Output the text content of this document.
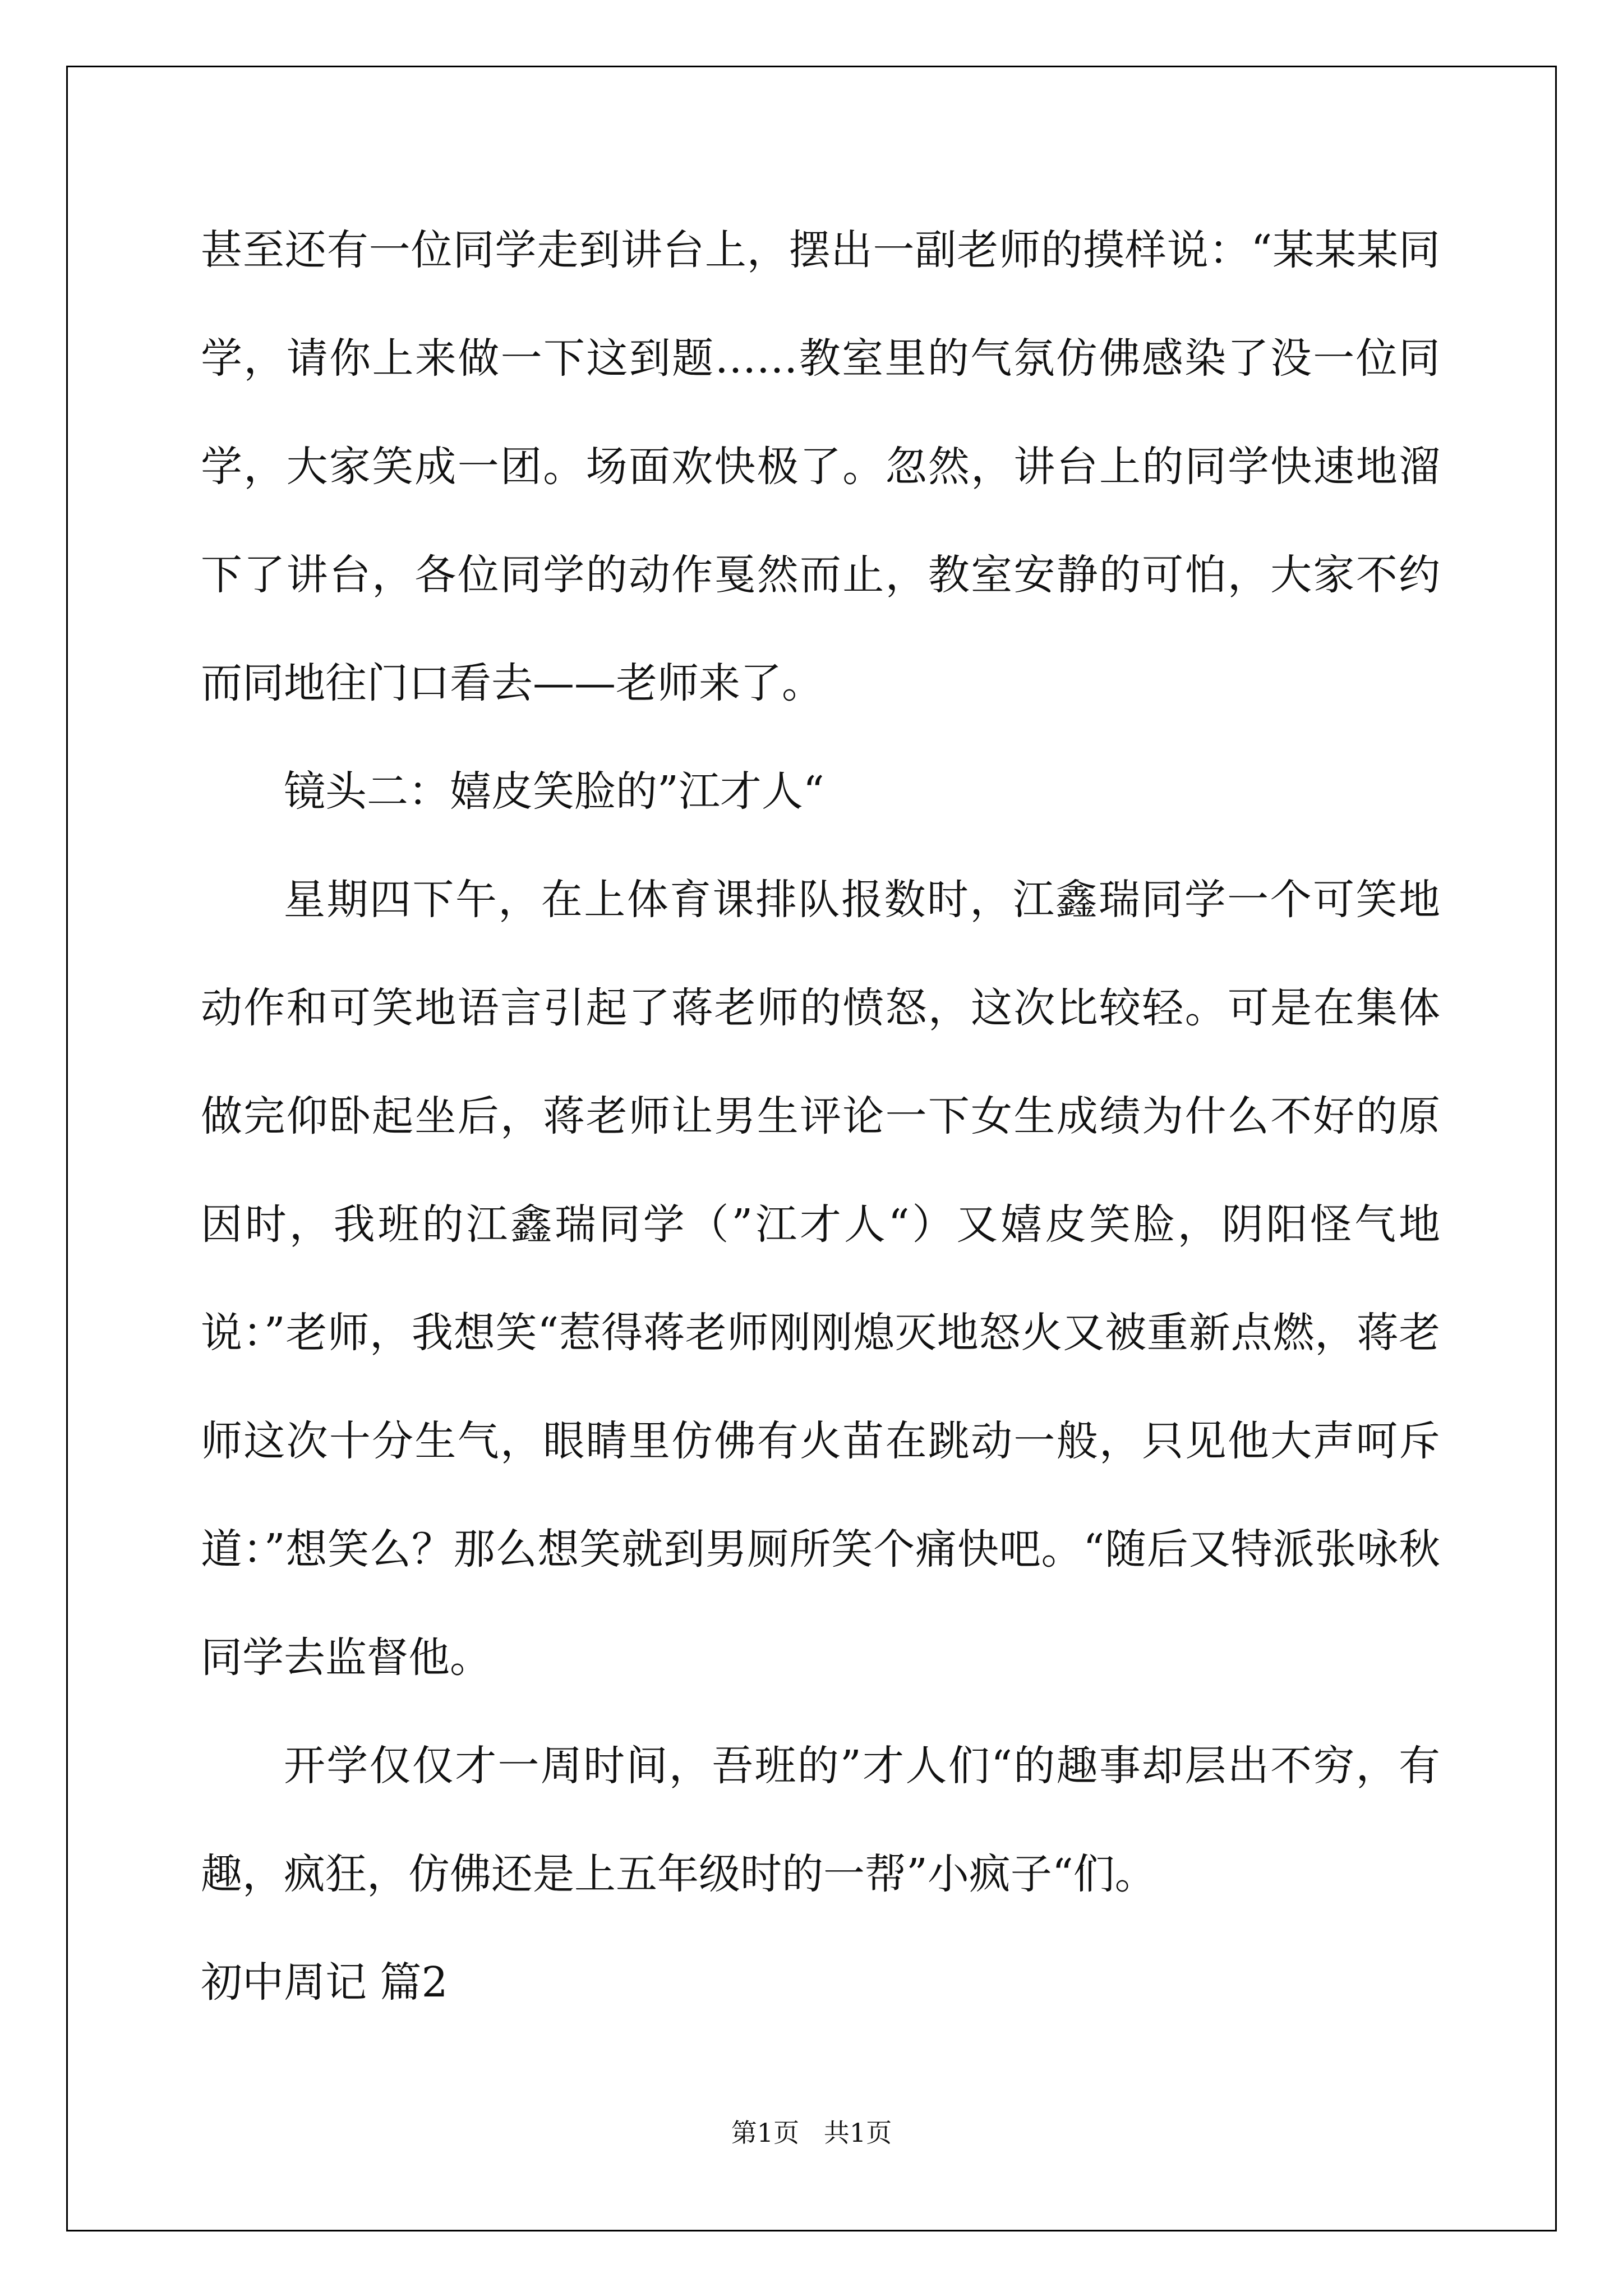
甚至还有一位同学走到讲台上，摆出一副老师的摸样说：“某某某同学，请你上来做一下这到题……教室里的气氛仿佛感染了没一位同学，大家笑成一团。场面欢快极了。忽然，讲台上的同学快速地溜下了讲台，各位同学的动作戛然而止，教室安静的可怕，大家不约而同地往门口看去——老师来了。

镜头二：嬉皮笑脸的”江才人“

星期四下午，在上体育课排队报数时，江鑫瑞同学一个可笑地动作和可笑地语言引起了蒋老师的愤怒，这次比较轻。可是在集体做完仰卧起坐后，蒋老师让男生评论一下女生成绩为什么不好的原因时，我班的江鑫瑞同学（”江才人“）又嬉皮笑脸，阴阳怪气地说：”老师，我想笑“惹得蒋老师刚刚熄灭地怒火又被重新点燃，蒋老师这次十分生气，眼睛里仿佛有火苗在跳动一般，只见他大声呵斥道：”想笑么？那么想笑就到男厕所笑个痛快吧。“随后又特派张咏秋同学去监督他。

开学仅仅才一周时间，吾班的”才人们“的趣事却层出不穷，有趣，疯狂，仿佛还是上五年级时的一帮”小疯子“们。

初中周记 篇2

第1页   共1页
